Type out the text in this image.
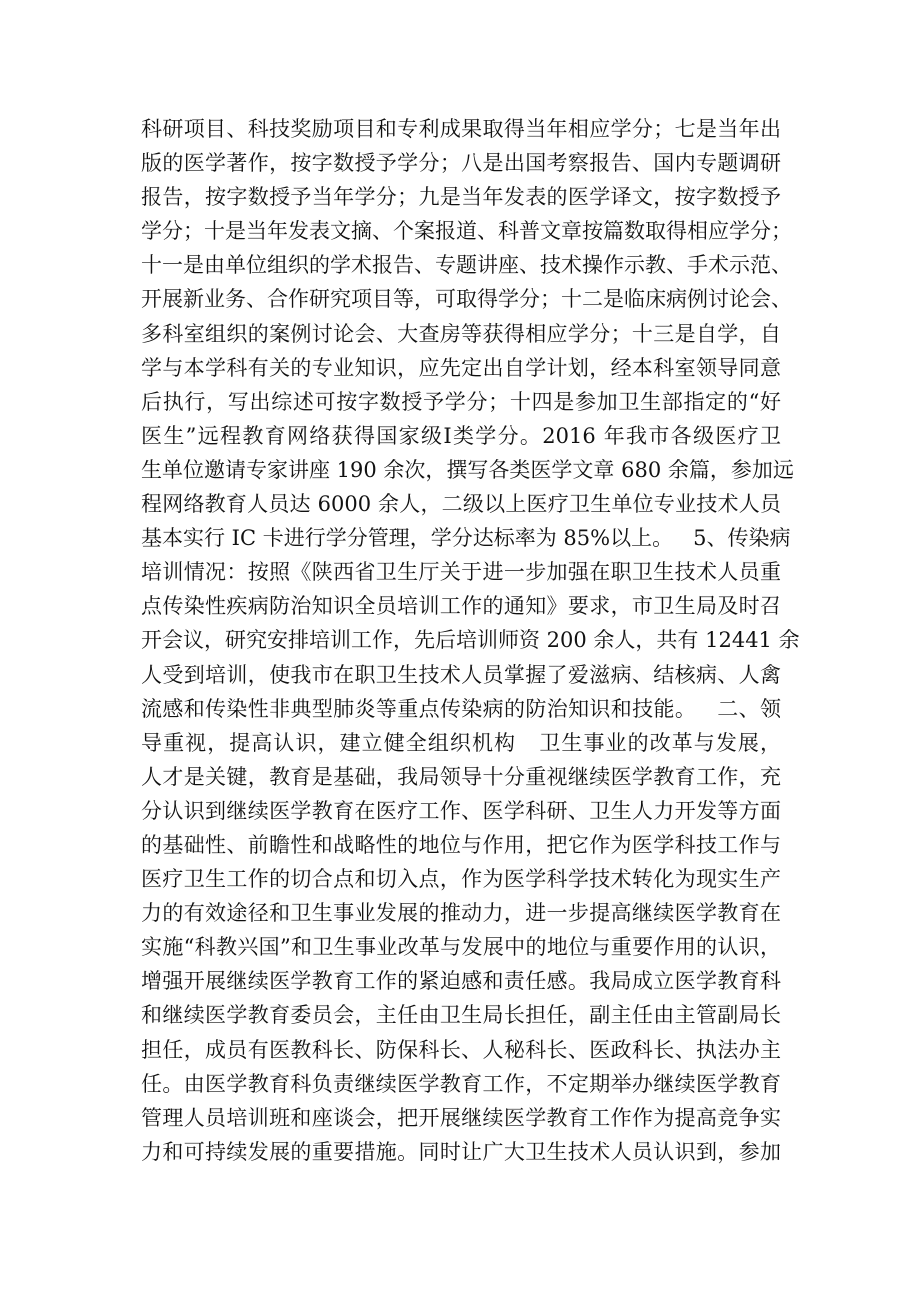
科研项目、科技奖励项目和专利成果取得当年相应学分；七是当年出
版的医学著作，按字数授予学分；八是出国考察报告、国内专题调研
报告，按字数授予当年学分；九是当年发表的医学译文，按字数授予
学分；十是当年发表文摘、个案报道、科普文章按篇数取得相应学分；
十一是由单位组织的学术报告、专题讲座、技术操作示教、手术示范、
开展新业务、合作研究项目等，可取得学分；十二是临床病例讨论会、
多科室组织的案例讨论会、大查房等获得相应学分；十三是自学，自
学与本学科有关的专业知识，应先定出自学计划，经本科室领导同意
后执行，写出综述可按字数授予学分；十四是参加卫生部指定的“好
医生”远程教育网络获得国家级Ⅰ类学分。2016 年我市各级医疗卫
生单位邀请专家讲座 190 余次，撰写各类医学文章 680 余篇，参加远
程网络教育人员达 6000 余人，二级以上医疗卫生单位专业技术人员
基本实行 IC 卡进行学分管理，学分达标率为 85%以上。   5、传染病
培训情况：按照《陕西省卫生厅关于进一步加强在职卫生技术人员重
点传染性疾病防治知识全员培训工作的通知》要求，市卫生局及时召
开会议，研究安排培训工作，先后培训师资 200 余人，共有 12441 余
人受到培训，使我市在职卫生技术人员掌握了爱滋病、结核病、人禽
流感和传染性非典型肺炎等重点传染病的防治知识和技能。   二、领
导重视，提高认识，建立健全组织机构   卫生事业的改革与发展，
人才是关键，教育是基础，我局领导十分重视继续医学教育工作，充
分认识到继续医学教育在医疗工作、医学科研、卫生人力开发等方面
的基础性、前瞻性和战略性的地位与作用，把它作为医学科技工作与
医疗卫生工作的切合点和切入点，作为医学科学技术转化为现实生产
力的有效途径和卫生事业发展的推动力，进一步提高继续医学教育在
实施“科教兴国”和卫生事业改革与发展中的地位与重要作用的认识，
增强开展继续医学教育工作的紧迫感和责任感。我局成立医学教育科
和继续医学教育委员会，主任由卫生局长担任，副主任由主管副局长
担任，成员有医教科长、防保科长、人秘科长、医政科长、执法办主
任。由医学教育科负责继续医学教育工作，不定期举办继续医学教育
管理人员培训班和座谈会，把开展继续医学教育工作作为提高竞争实
力和可持续发展的重要措施。同时让广大卫生技术人员认识到，参加
